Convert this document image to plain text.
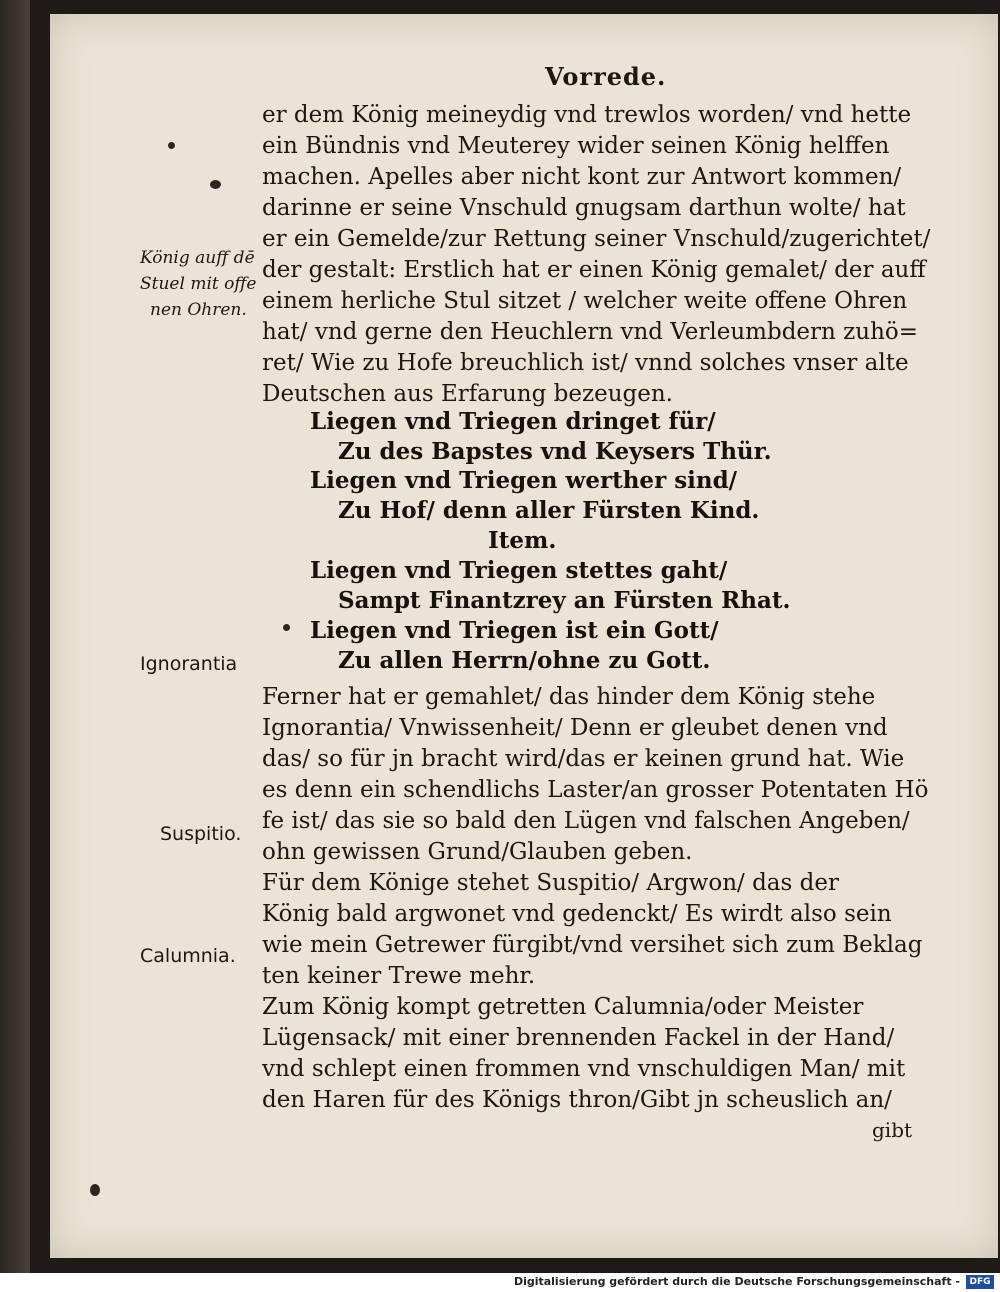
Vorrede.
König auff dē
Stuel mit offe
nen Ohren.
Ignorantia
Suspitio.
Calumnia.
er dem König meineydig vnd trewlos worden/ vnd hette
ein Bündnis vnd Meuterey wider seinen König helffen
machen. Apelles aber nicht kont zur Antwort kommen/
darinne er seine Vnschuld gnugsam darthun wolte/ hat
er ein Gemelde/zur Rettung seiner Vnschuld/zugerichtet/
der gestalt: Erstlich hat er einen König gemalet/ der auff
einem herliche Stul sitzet / welcher weite offene Ohren
hat/ vnd gerne den Heuchlern vnd Verleumbdern zuhö=
ret/ Wie zu Hofe breuchlich ist/ vnnd solches vnser alte
Deutschen aus Erfarung bezeugen.
Liegen vnd Triegen dringet für/
Zu des Bapstes vnd Keysers Thür.
Liegen vnd Triegen werther sind/
Zu Hof/ denn aller Fürsten Kind.
Item.
Liegen vnd Triegen stettes gaht/
Sampt Finantzrey an Fürsten Rhat.
Liegen vnd Triegen ist ein Gott/
Zu allen Herrn/ohne zu Gott.
Ferner hat er gemahlet/ das hinder dem König stehe
Ignorantia/ Vnwissenheit/ Denn er gleubet denen vnd
das/ so für jn bracht wird/das er keinen grund hat. Wie
es denn ein schendlichs Laster/an grosser Potentaten Hö
fe ist/ das sie so bald den Lügen vnd falschen Angeben/
ohn gewissen Grund/Glauben geben.
Für dem Könige stehet Suspitio/ Argwon/ das der
König bald argwonet vnd gedenckt/ Es wirdt also sein
wie mein Getrewer fürgibt/vnd versihet sich zum Beklag
ten keiner Trewe mehr.
Zum König kompt getretten Calumnia/oder Meister
Lügensack/ mit einer brennenden Fackel in der Hand/
vnd schlept einen frommen vnd vnschuldigen Man/ mit
den Haren für des Königs thron/Gibt jn scheuslich an/
gibt
Digitalisierung gefördert durch die Deutsche Forschungsgemeinschaft -	DFG
